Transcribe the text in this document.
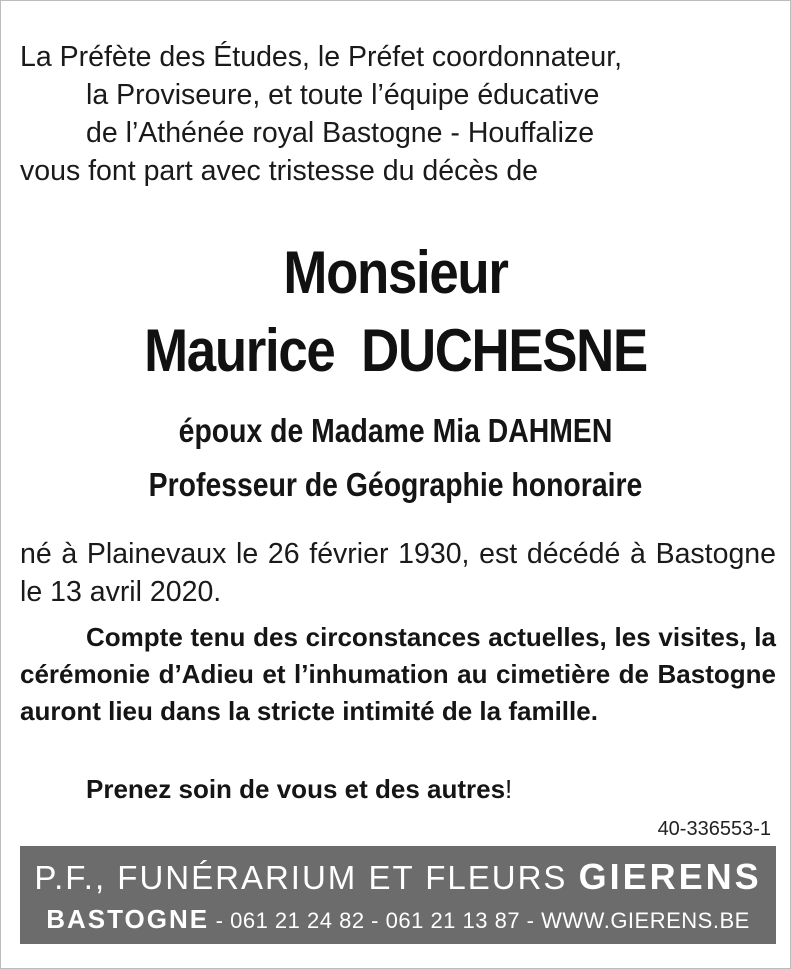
La Préfète des Études, le Préfet coordonnateur,
la Proviseure, et toute l’équipe éducative
de l’Athénée royal Bastogne - Houffalize
vous font part avec tristesse du décès de
Monsieur
Maurice  DUCHESNE
époux de Madame Mia DAHMEN
Professeur de Géographie honoraire
né à Plainevaux le 26 février 1930, est décédé à Bastogne le 13 avril 2020.

Compte tenu des circonstances actuelles, les visites, la cérémonie d’Adieu et l’inhumation au cimetière de Bastogne auront lieu dans la stricte intimité de la famille.

Prenez soin de vous et des autres!
40-336553-1
P.F., FUNÉRARIUM ET FLEURS GIERENS
BASTOGNE - 061 21 24 82 - 061 21 13 87 - WWW.GIERENS.BE
